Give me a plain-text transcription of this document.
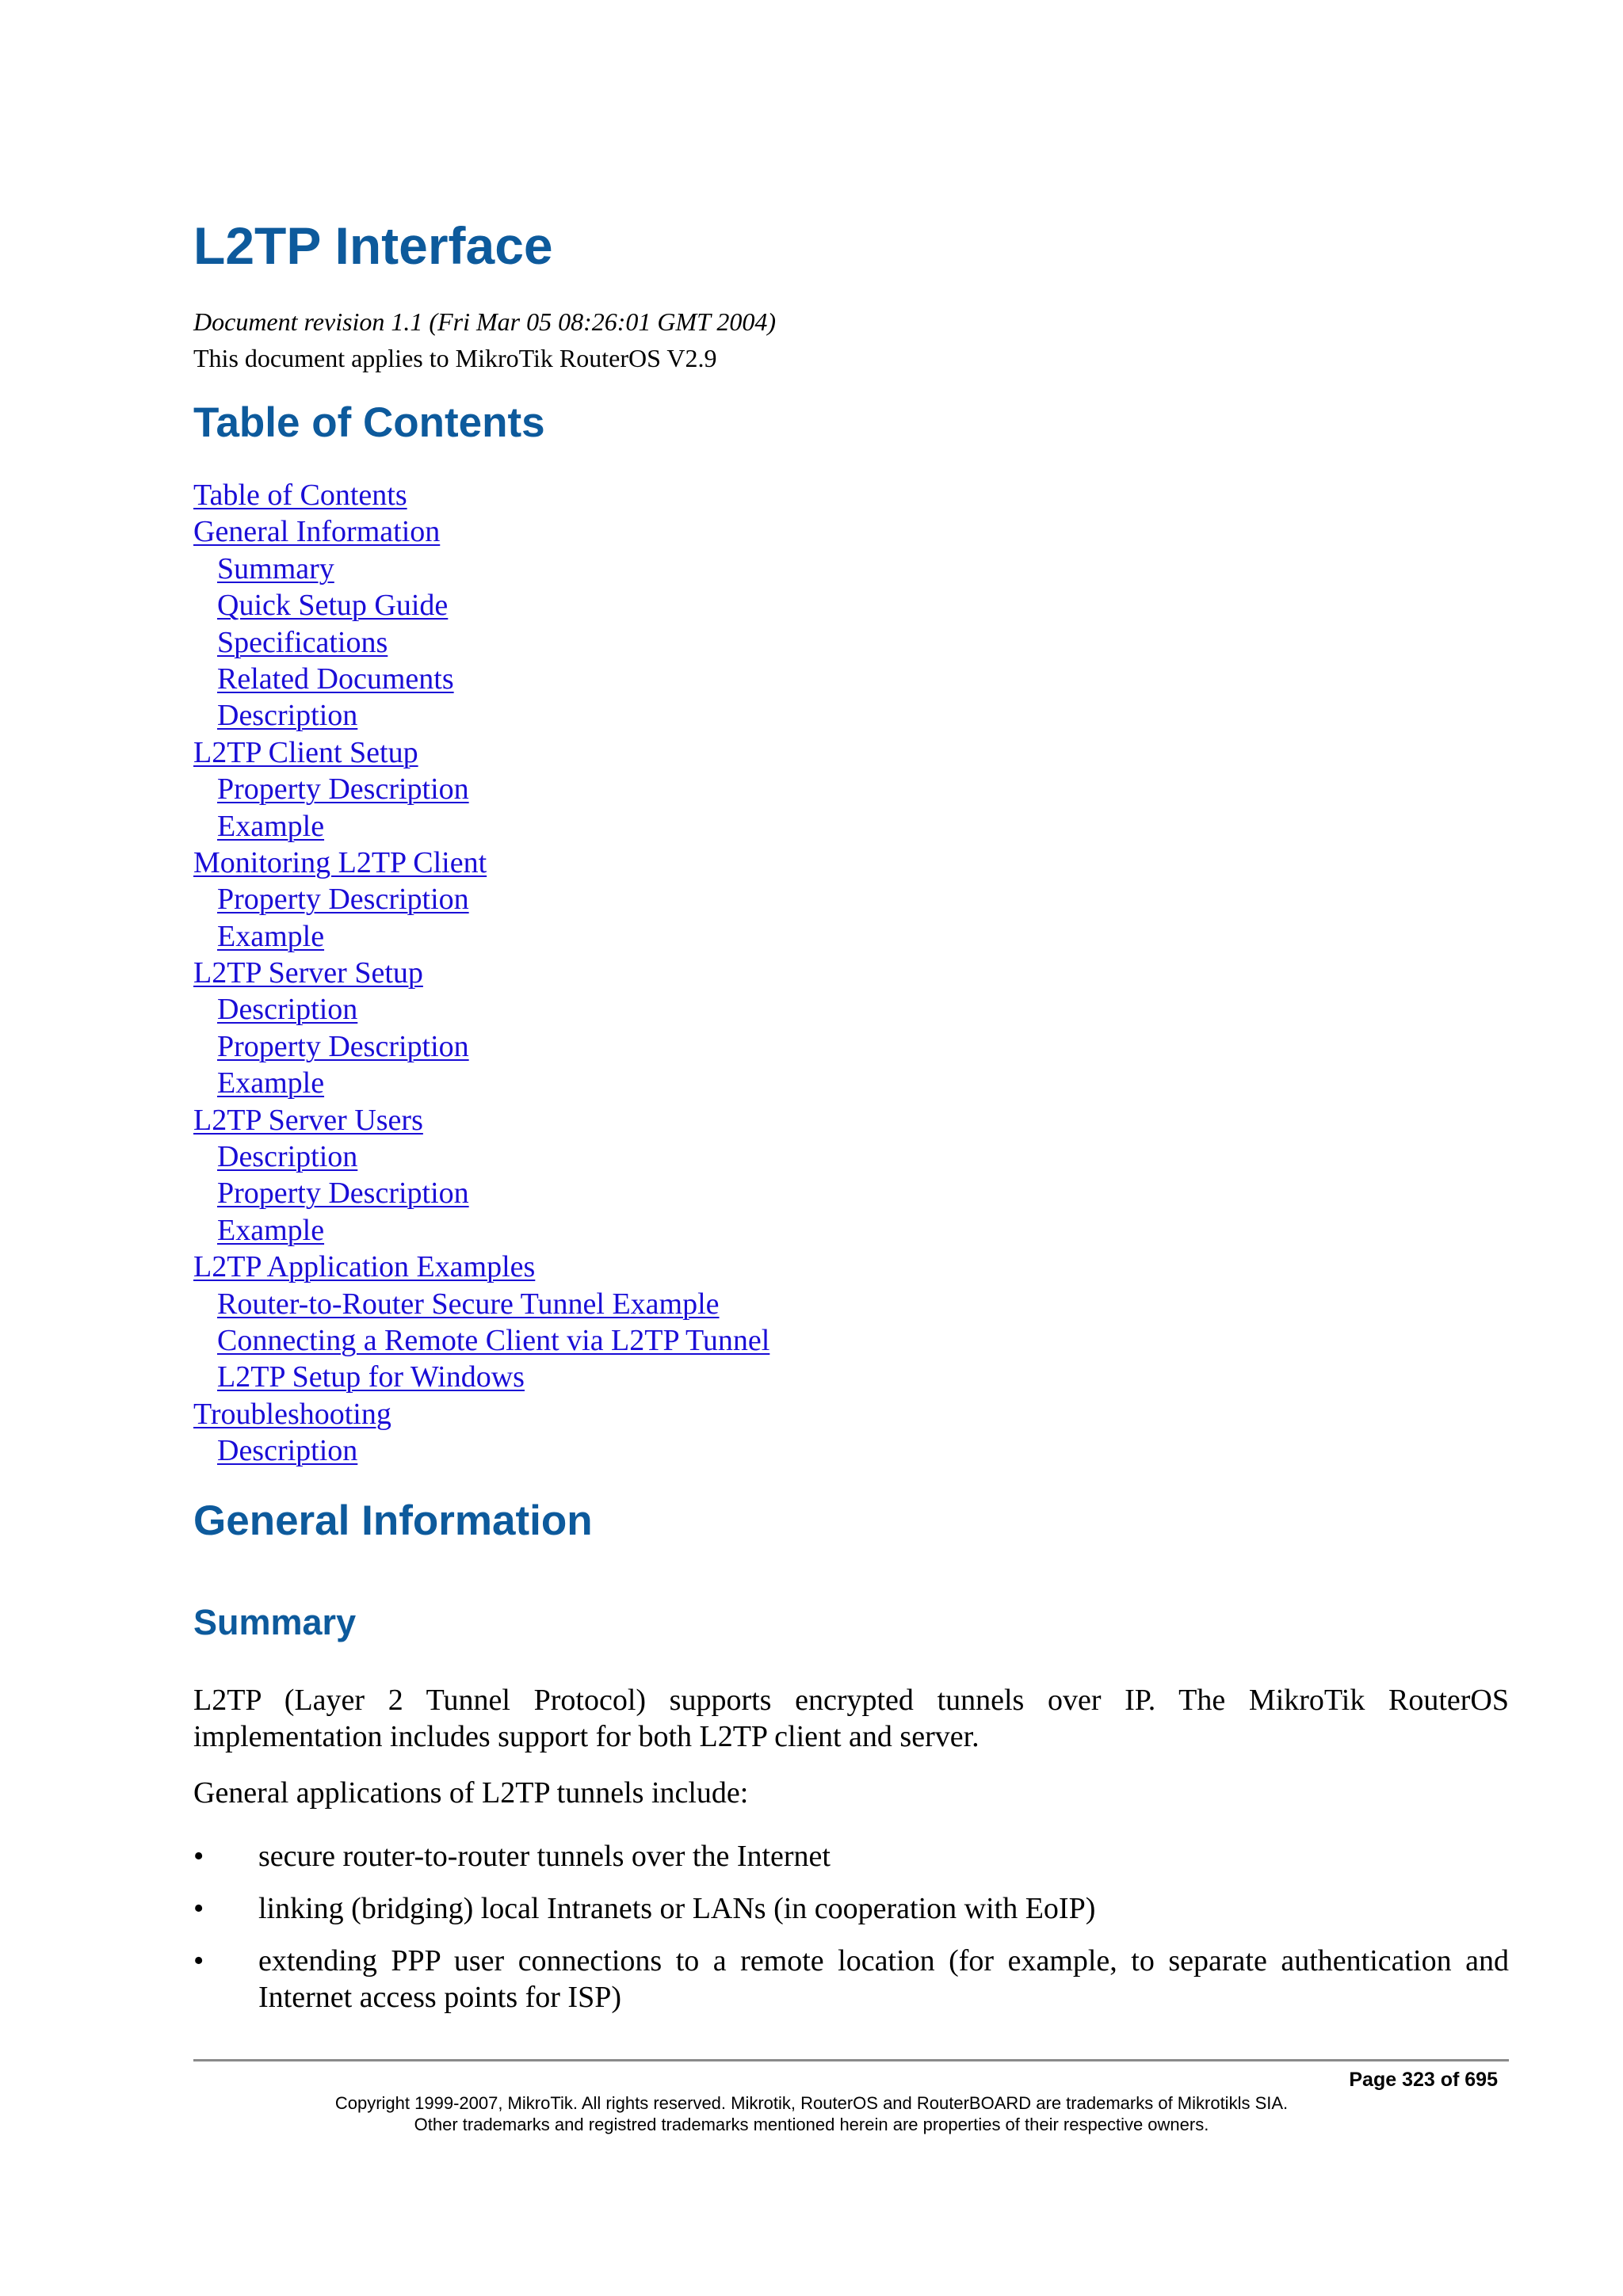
L2TP Interface
Document revision 1.1 (Fri Mar 05 08:26:01 GMT 2004)
This document applies to MikroTik RouterOS V2.9
Table of Contents
Table of Contents
General Information
Summary
Quick Setup Guide
Specifications
Related Documents
Description
L2TP Client Setup
Property Description
Example
Monitoring L2TP Client
Property Description
Example
L2TP Server Setup
Description
Property Description
Example
L2TP Server Users
Description
Property Description
Example
L2TP Application Examples
Router-to-Router Secure Tunnel Example
Connecting a Remote Client via L2TP Tunnel
L2TP Setup for Windows
Troubleshooting
Description
General Information
Summary

L2TP (Layer 2 Tunnel Protocol) supports encrypted tunnels over IP. The MikroTik RouterOS implementation includes support for both L2TP client and server.

General applications of L2TP tunnels include:

• secure router-to-router tunnels over the Internet
• linking (bridging) local Intranets or LANs (in cooperation with EoIP)
• extending PPP user connections to a remote location (for example, to separate authentication and Internet access points for ISP)
Page 323 of 695
Copyright 1999-2007, MikroTik. All rights reserved. Mikrotik, RouterOS and RouterBOARD are trademarks of Mikrotikls SIA.
Other trademarks and registred trademarks mentioned herein are properties of their respective owners.
